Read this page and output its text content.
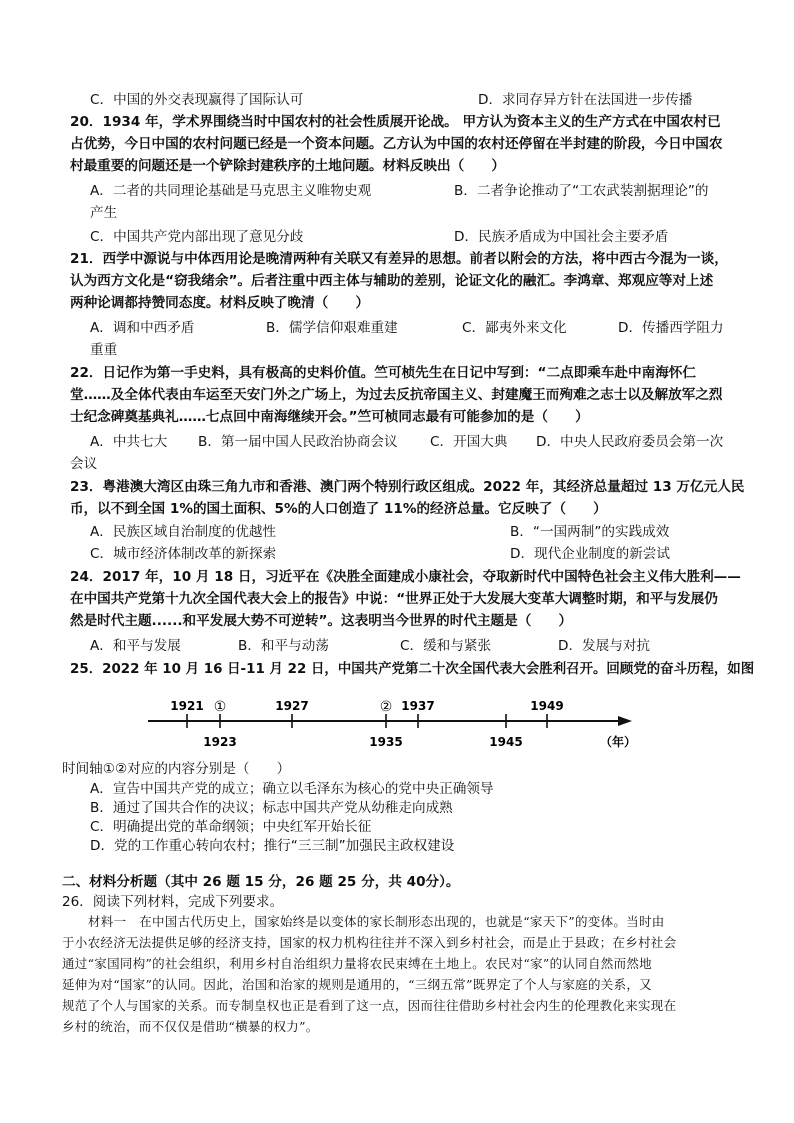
C．中国的外交表现赢得了国际认可	D．求同存异方针在法国进一步传播
20．1934 年，学术界围绕当时中国农村的社会性质展开论战。 甲方认为资本主义的生产方式在中国农村已
占优势，今日中国的农村问题已经是一个资本问题。乙方认为中国的农村还停留在半封建的阶段，今日中国农
村最重要的问题还是一个铲除封建秩序的土地问题。材料反映出（　　）
A．二者的共同理论基础是马克思主义唯物史观	B．二者争论推动了“工农武装割据理论”的
产生
C．中国共产党内部出现了意见分歧	D．民族矛盾成为中国社会主要矛盾
21．西学中源说与中体西用论是晚清两种有关联又有差异的思想。前者以附会的方法，将中西古今混为一谈，
认为西方文化是“窃我绪余”。后者注重中西主体与辅助的差别，论证文化的融汇。李鸿章、郑观应等对上述
两种论调都持赞同态度。材料反映了晚清（　　）
A．调和中西矛盾	B．儒学信仰艰难重建	C．鄙夷外来文化	D．传播西学阻力
重重
22．日记作为第一手史料，具有极高的史料价值。竺可桢先生在日记中写到：“二点即乘车赴中南海怀仁
堂……及全体代表由车运至天安门外之广场上，为过去反抗帝国主义、封建魔王而殉难之志士以及解放军之烈
士纪念碑奠基典礼……七点回中南海继续开会。”竺可桢同志最有可能参加的是（　　）
A．中共七大 B．第一届中国人民政治协商会议 C．开国大典 D．中央人民政府委员会第一次
会议
23．粤港澳大湾区由珠三角九市和香港、澳门两个特别行政区组成。2022 年，其经济总量超过 13 万亿元人民
币，以不到全国 1%的国土面积、5%的人口创造了 11%的经济总量。它反映了（　　）
A．民族区域自治制度的优越性	B．“一国两制”的实践成效
C．城市经济体制改革的新探索	D．现代企业制度的新尝试
24．2017 年，10 月 18 日，习近平在《决胜全面建成小康社会，夺取新时代中国特色社会主义伟大胜利——
在中国共产党第十九次全国代表大会上的报告》中说：“世界正处于大发展大变革大调整时期，和平与发展仍
然是时代主题......和平发展大势不可逆转”。这表明当今世界的时代主题是（　　）
A．和平与发展	B．和平与动荡	C．缓和与紧张	D．发展与对抗
25．2022 年 10 月 16 日-11 月 22 日，中国共产党第二十次全国代表大会胜利召开。回顾党的奋斗历程，如图
1921 ①	1927	② 1937	1949
1923	1935	1945	（年）
时间轴①②对应的内容分别是（　　）
A．宣告中国共产党的成立；确立以毛泽东为核心的党中央正确领导
B．通过了国共合作的决议；标志中国共产党从幼稚走向成熟
C．明确提出党的革命纲领；中央红军开始长征
D．党的工作重心转向农村；推行“三三制”加强民主政权建设
二、材料分析题（其中 26 题 15 分，26 题 25 分，共 40分）。
26．阅读下列材料，完成下列要求。
材料一　在中国古代历史上，国家始终是以变体的家长制形态出现的，也就是“家天下”的变体。当时由
于小农经济无法提供足够的经济支持，国家的权力机构往往并不深入到乡村社会，而是止于县政；在乡村社会
通过“家国同构”的社会组织，利用乡村自治组织力量将农民束缚在土地上。农民对“家”的认同自然而然地
延伸为对“国家”的认同。因此，治国和治家的规则是通用的，“三纲五常”既界定了个人与家庭的关系，又
规范了个人与国家的关系。而专制皇权也正是看到了这一点，因而往往借助乡村社会内生的伦理教化来实现在
乡村的统治，而不仅仅是借助“横暴的权力”。
